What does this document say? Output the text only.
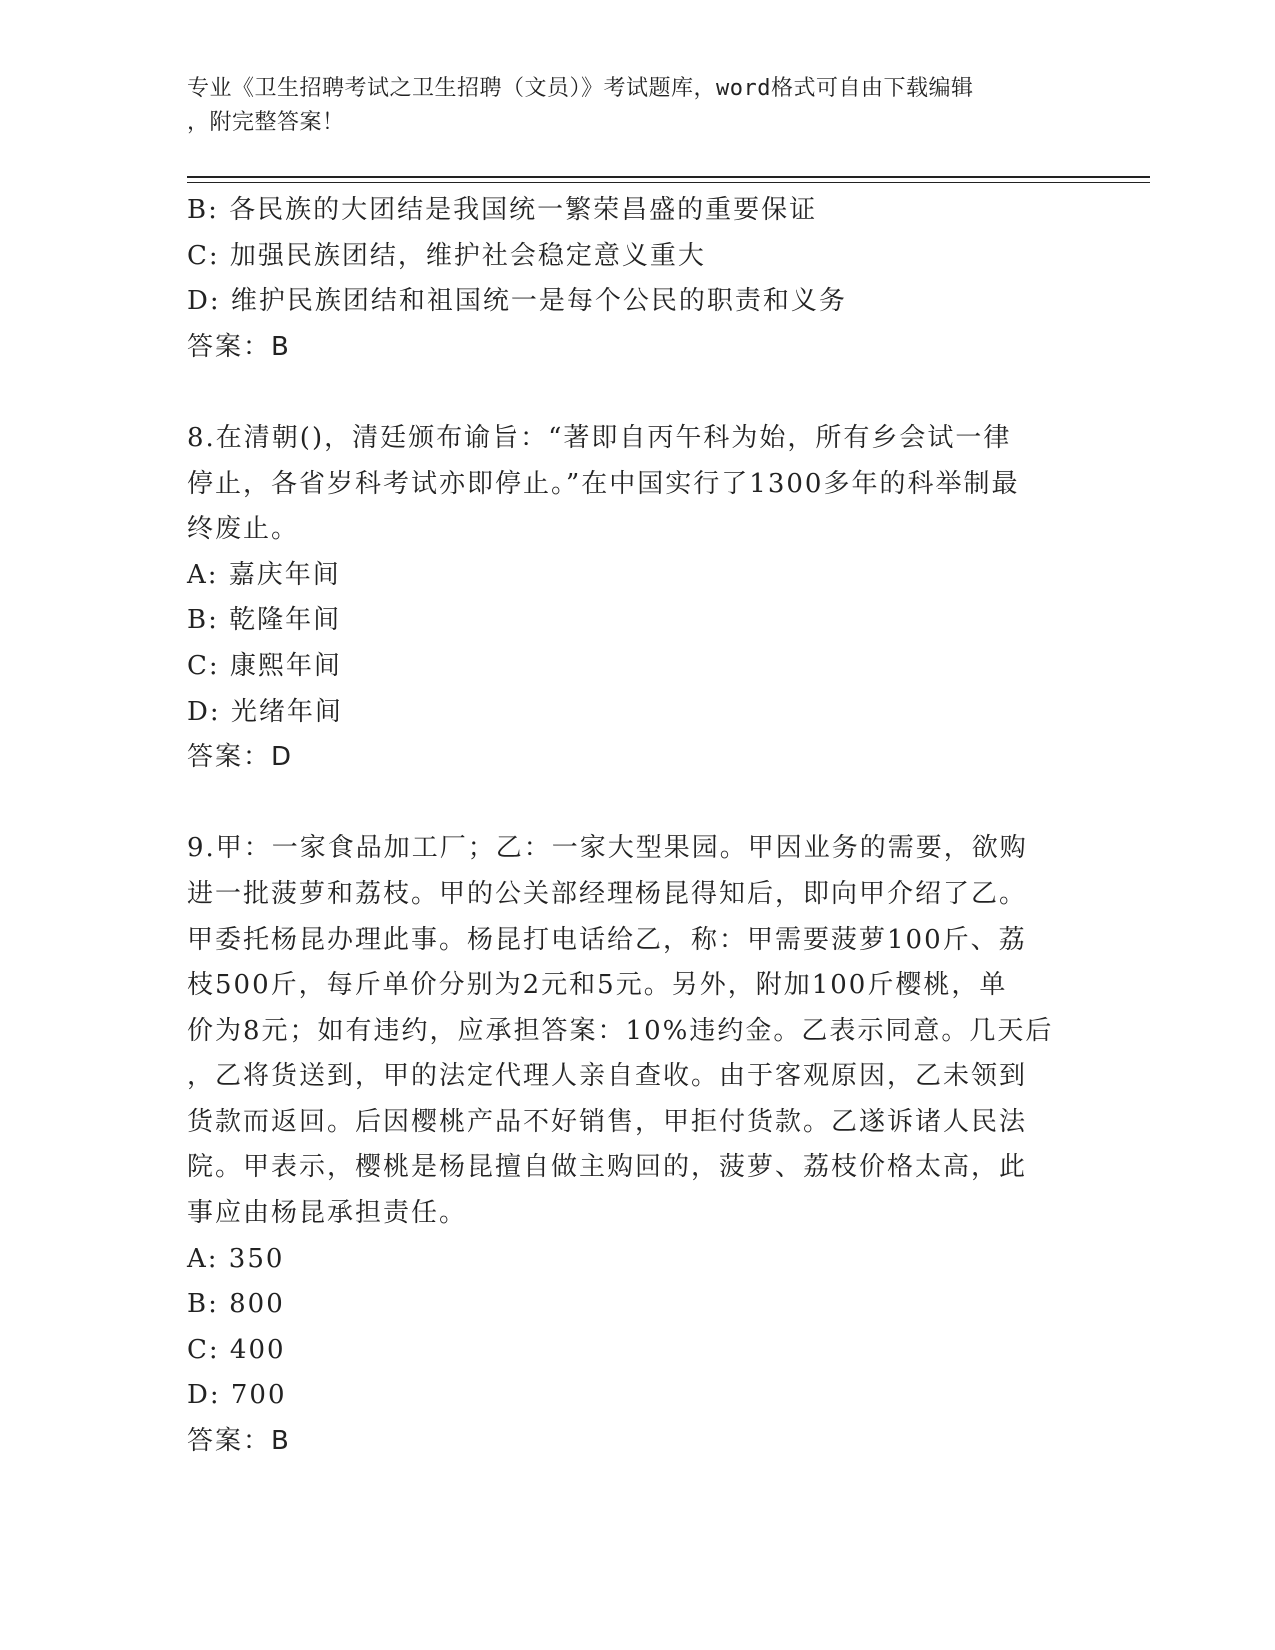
专业《卫生招聘考试之卫生招聘（文员）》考试题库，word格式可自由下载编辑
，附完整答案！
B: 各民族的大团结是我国统一繁荣昌盛的重要保证
C: 加强民族团结，维护社会稳定意义重大
D: 维护民族团结和祖国统一是每个公民的职责和义务
答案：B
8.在清朝()，清廷颁布谕旨：“著即自丙午科为始，所有乡会试一律
停止，各省岁科考试亦即停止。”在中国实行了1300多年的科举制最
终废止。
A: 嘉庆年间
B: 乾隆年间
C: 康熙年间
D: 光绪年间
答案：D
9.甲：一家食品加工厂；乙：一家大型果园。甲因业务的需要，欲购
进一批菠萝和荔枝。甲的公关部经理杨昆得知后，即向甲介绍了乙。
甲委托杨昆办理此事。杨昆打电话给乙，称：甲需要菠萝100斤、荔
枝500斤，每斤单价分别为2元和5元。另外，附加100斤樱桃，单
价为8元；如有违约，应承担答案：10%违约金。乙表示同意。几天后
，乙将货送到，甲的法定代理人亲自查收。由于客观原因，乙未领到
货款而返回。后因樱桃产品不好销售，甲拒付货款。乙遂诉诸人民法
院。甲表示，樱桃是杨昆擅自做主购回的，菠萝、荔枝价格太高，此
事应由杨昆承担责任。
A: 350
B: 800
C: 400
D: 700
答案：B
